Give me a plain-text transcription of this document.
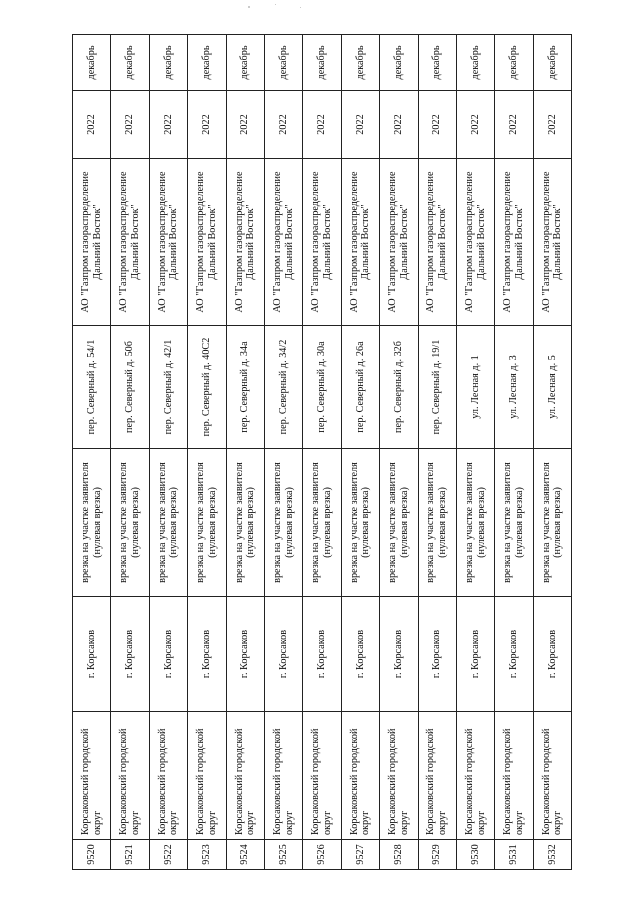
9520	Корсаковский городской округ	г. Корсаков	врезка на участке заявителя (нулевая врезка)	пер. Северный д. 54/1	АО "Газпром газораспределение Дальний Восток"	2022	декабрь
9521	Корсаковский городской округ	г. Корсаков	врезка на участке заявителя (нулевая врезка)	пер. Северный д. 50б	АО "Газпром газораспределение Дальний Восток"	2022	декабрь
9522	Корсаковский городской округ	г. Корсаков	врезка на участке заявителя (нулевая врезка)	пер. Северный д. 42/1	АО "Газпром газораспределение Дальний Восток"	2022	декабрь
9523	Корсаковский городской округ	г. Корсаков	врезка на участке заявителя (нулевая врезка)	пер. Северный д. 40С2	АО "Газпром газораспределение Дальний Восток"	2022	декабрь
9524	Корсаковский городской округ	г. Корсаков	врезка на участке заявителя (нулевая врезка)	пер. Северный д. 34а	АО "Газпром газораспределение Дальний Восток"	2022	декабрь
9525	Корсаковский городской округ	г. Корсаков	врезка на участке заявителя (нулевая врезка)	пер. Северный д. 34/2	АО "Газпром газораспределение Дальний Восток"	2022	декабрь
9526	Корсаковский городской округ	г. Корсаков	врезка на участке заявителя (нулевая врезка)	пер. Северный д. 30а	АО "Газпром газораспределение Дальний Восток"	2022	декабрь
9527	Корсаковский городской округ	г. Корсаков	врезка на участке заявителя (нулевая врезка)	пер. Северный д. 26а	АО "Газпром газораспределение Дальний Восток"	2022	декабрь
9528	Корсаковский городской округ	г. Корсаков	врезка на участке заявителя (нулевая врезка)	пер. Северный д. 32б	АО "Газпром газораспределение Дальний Восток"	2022	декабрь
9529	Корсаковский городской округ	г. Корсаков	врезка на участке заявителя (нулевая врезка)	пер. Северный д. 19/1	АО "Газпром газораспределение Дальний Восток"	2022	декабрь
9530	Корсаковский городской округ	г. Корсаков	врезка на участке заявителя (нулевая врезка)	ул. Лесная д. 1	АО "Газпром газораспределение Дальний Восток"	2022	декабрь
9531	Корсаковский городской округ	г. Корсаков	врезка на участке заявителя (нулевая врезка)	ул. Лесная д. 3	АО "Газпром газораспределение Дальний Восток"	2022	декабрь
9532	Корсаковский городской округ	г. Корсаков	врезка на участке заявителя (нулевая врезка)	ул. Лесная д. 5	АО "Газпром газораспределение Дальний Восток"	2022	декабрь
